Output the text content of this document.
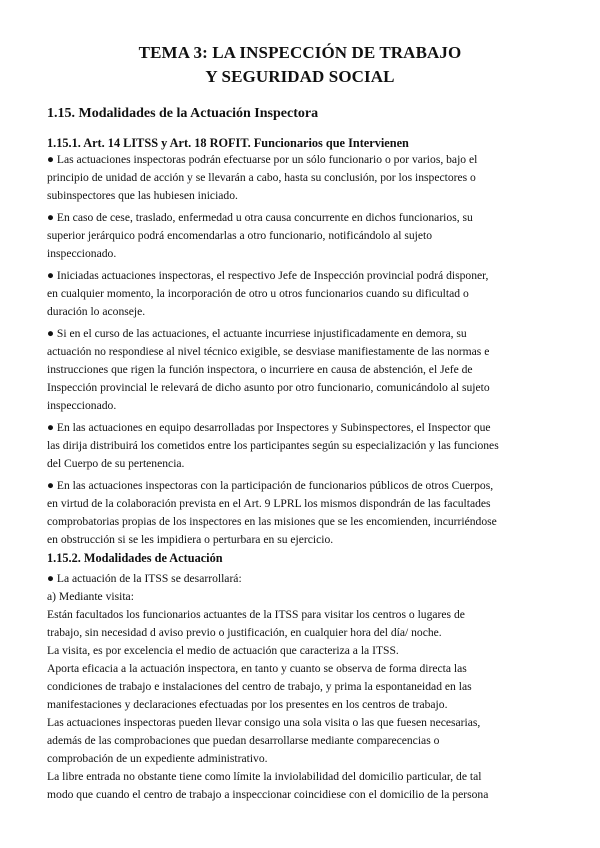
TEMA 3: LA INSPECCIÓN DE TRABAJO
Y SEGURIDAD SOCIAL
1.15. Modalidades de la Actuación Inspectora
1.15.1. Art. 14 LITSS y Art. 18 ROFIT. Funcionarios que Intervienen
● Las actuaciones inspectoras podrán efectuarse por un sólo funcionario o por varios, bajo el
principio de unidad de acción y se llevarán a cabo, hasta su conclusión, por los inspectores o
subinspectores que las hubiesen iniciado.
● En caso de cese, traslado, enfermedad u otra causa concurrente en dichos funcionarios, su
superior jerárquico podrá encomendarlas a otro funcionario, notificándolo al sujeto
inspeccionado.
● Iniciadas actuaciones inspectoras, el respectivo Jefe de Inspección provincial podrá disponer,
en cualquier momento, la incorporación de otro u otros funcionarios cuando su dificultad o
duración lo aconseje.
● Si en el curso de las actuaciones, el actuante incurriese injustificadamente en demora, su
actuación no respondiese al nivel técnico exigible, se desviase manifiestamente de las normas e
instrucciones que rigen la función inspectora, o incurriere en causa de abstención, el Jefe de
Inspección provincial le relevará de dicho asunto por otro funcionario, comunicándolo al sujeto
inspeccionado.
● En las actuaciones en equipo desarrolladas por Inspectores y Subinspectores, el Inspector que
las dirija distribuirá los cometidos entre los participantes según su especialización y las funciones
del Cuerpo de su pertenencia.
● En las actuaciones inspectoras con la participación de funcionarios públicos de otros Cuerpos,
en virtud de la colaboración prevista en el Art. 9 LPRL los mismos dispondrán de las facultades
comprobatorias propias de los inspectores en las misiones que se les encomienden, incurriéndose
en obstrucción si se les impidiera o perturbara en su ejercicio.
1.15.2. Modalidades de Actuación
● La actuación de la ITSS se desarrollará:
a) Mediante visita:
Están facultados los funcionarios actuantes de la ITSS para visitar los centros o lugares de
trabajo, sin necesidad d aviso previo o justificación, en cualquier hora del día/ noche.
La visita, es por excelencia el medio de actuación que caracteriza a la ITSS.
Aporta eficacia a la actuación inspectora, en tanto y cuanto se observa de forma directa las
condiciones de trabajo e instalaciones del centro de trabajo, y prima la espontaneidad en las
manifestaciones y declaraciones efectuadas por los presentes en los centros de trabajo.
Las actuaciones inspectoras pueden llevar consigo una sola visita o las que fuesen necesarias,
además de las comprobaciones que puedan desarrollarse mediante comparecencias o
comprobación de un expediente administrativo.
La libre entrada no obstante tiene como límite la inviolabilidad del domicilio particular, de tal
modo que cuando el centro de trabajo a inspeccionar coincidiese con el domicilio de la persona
